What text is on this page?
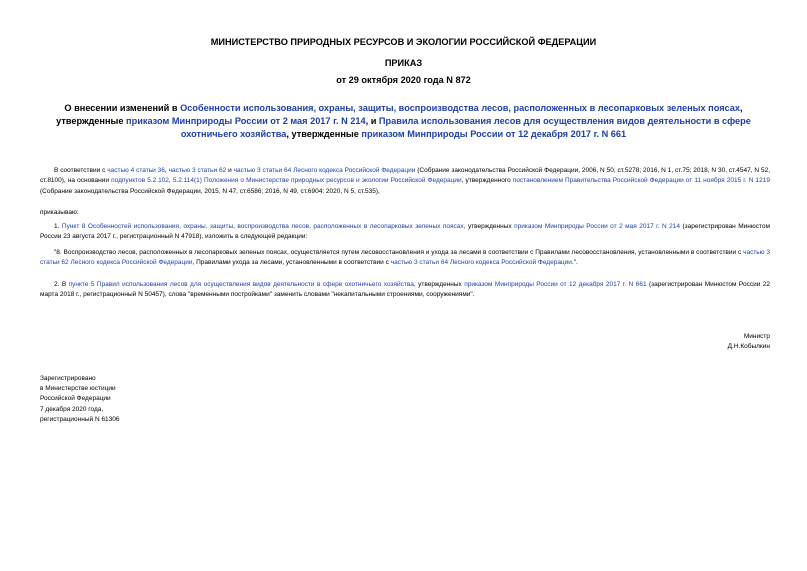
МИНИСТЕРСТВО ПРИРОДНЫХ РЕСУРСОВ И ЭКОЛОГИИ РОССИЙСКОЙ ФЕДЕРАЦИИ
ПРИКАЗ
от 29 октября 2020 года N 872
О внесении изменений в Особенности использования, охраны, защиты, воспроизводства лесов, расположенных в лесопарковых зеленых поясах, утвержденные приказом Минприроды России от 2 мая 2017 г. N 214, и Правила использования лесов для осуществления видов деятельности в сфере охотничьего хозяйства, утвержденные приказом Минприроды России от 12 декабря 2017 г. N 661
В соответствии с частью 4 статьи 36, частью 3 статьи 62 и частью 3 статьи 64 Лесного кодекса Российской Федерации (Собрание законодательства Российской Федерации, 2006, N 50, ст.5278; 2016, N 1, ст.75; 2018, N 30, ст.4547, N 52, ст.8100), на основании подпунктов 5.2.102, 5.2.114(1) Положения о Министерстве природных ресурсов и экологии Российской Федерации, утвержденного постановлением Правительства Российской Федерации от 11 ноября 2015 г. N 1219 (Собрание законодательства Российской Федерации, 2015, N 47, ст.6586; 2016, N 49, ст.6904; 2020, N 5, ст.535),
приказываю:
1. Пункт 8 Особенностей использования, охраны, защиты, воспроизводства лесов, расположенных в лесопарковых зеленых поясах, утвержденных приказом Минприроды России от 2 мая 2017 г. N 214 (зарегистрирован Минюстом России 23 августа 2017 г., регистрационный N 47918), изложить в следующей редакции:
"8. Воспроизводство лесов, расположенных в лесопарковых зеленых поясах, осуществляется путем лесовосстановления и ухода за лесами в соответствии с Правилами лесовосстановления, установленными в соответствии с частью 3 статьи 62 Лесного кодекса Российской Федерации, Правилами ухода за лесами, установленными в соответствии с частью 3 статьи 64 Лесного кодекса Российской Федерации.".
2. В пункте 5 Правил использования лесов для осуществления видов деятельности в сфере охотничьего хозяйства, утвержденных приказом Минприроды России от 12 декабря 2017 г. N 661 (зарегистрирован Минюстом России 22 марта 2018 г., регистрационный N 50457), слова "временными постройками" заменить словами "некапитальными строениями, сооружениями".
Министр
Д.Н.Кобылкин
Зарегистрировано
в Министерстве юстиции
Российской Федерации
7 декабря 2020 года,
регистрационный N 61306
